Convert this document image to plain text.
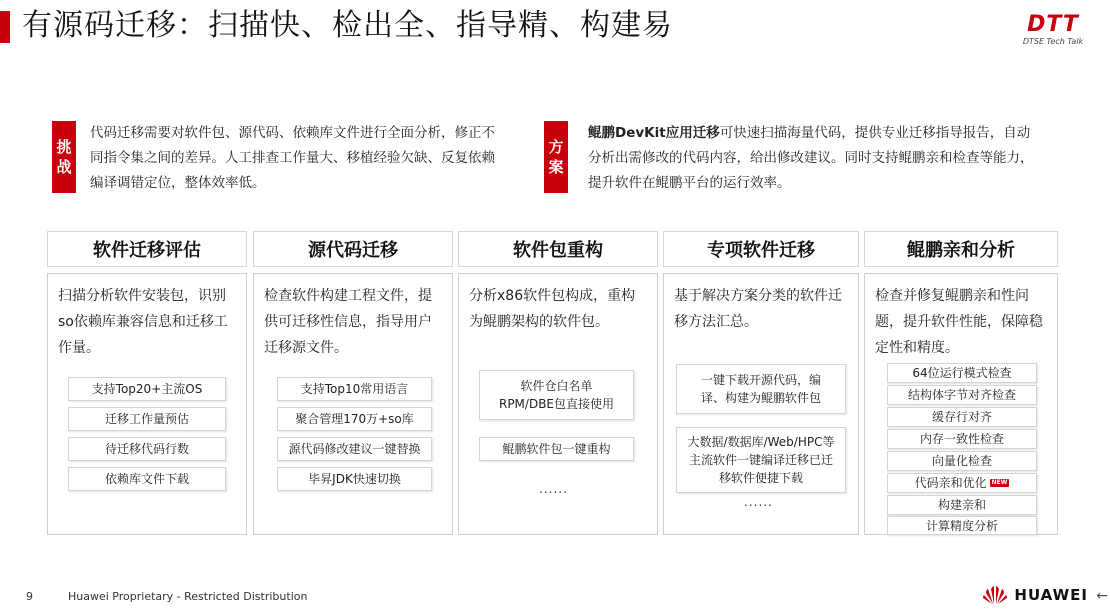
有源码迁移：扫描快、检出全、指导精、构建易	DTT
DTSE Tech Talk
挑
战
代码迁移需要对软件包、源代码、依赖库文件进行全面分析，修正不同指令集之间的差异。人工排查工作量大、移植经验欠缺、反复依赖编译调错定位，整体效率低。
方
案
鲲鹏DevKit应用迁移可快速扫描海量代码，提供专业迁移指导报告，自动分析出需修改的代码内容，给出修改建议。同时支持鲲鹏亲和检查等能力，提升软件在鲲鹏平台的运行效率。
软件迁移评估
扫描分析软件安装包，识别so依赖库兼容信息和迁移工作量。
支持Top20+主流OS
迁移工作量预估
待迁移代码行数
依赖库文件下载
源代码迁移
检查软件构建工程文件，提供可迁移性信息，指导用户迁移源文件。
支持Top10常用语言
聚合管理170万+so库
源代码修改建议一键替换
毕昇JDK快速切换
软件包重构
分析x86软件包构成，重构为鲲鹏架构的软件包。
软件仓白名单RPM/DBE包直接使用
鲲鹏软件包一键重构
......
专项软件迁移
基于解决方案分类的软件迁移方法汇总。
一键下载开源代码，编译、构建为鲲鹏软件包
大数据/数据库/Web/HPC等主流软件一键编译迁移已迁移软件便捷下载
......
鲲鹏亲和分析
检查并修复鲲鹏亲和性问题，提升软件性能，保障稳定性和精度。
64位运行模式检查
结构体字节对齐检查
缓存行对齐
内存一致性检查
向量化检查
代码亲和优化 NEW
构建亲和
计算精度分析
9	Huawei Proprietary - Restricted Distribution	HUAWEI ←
